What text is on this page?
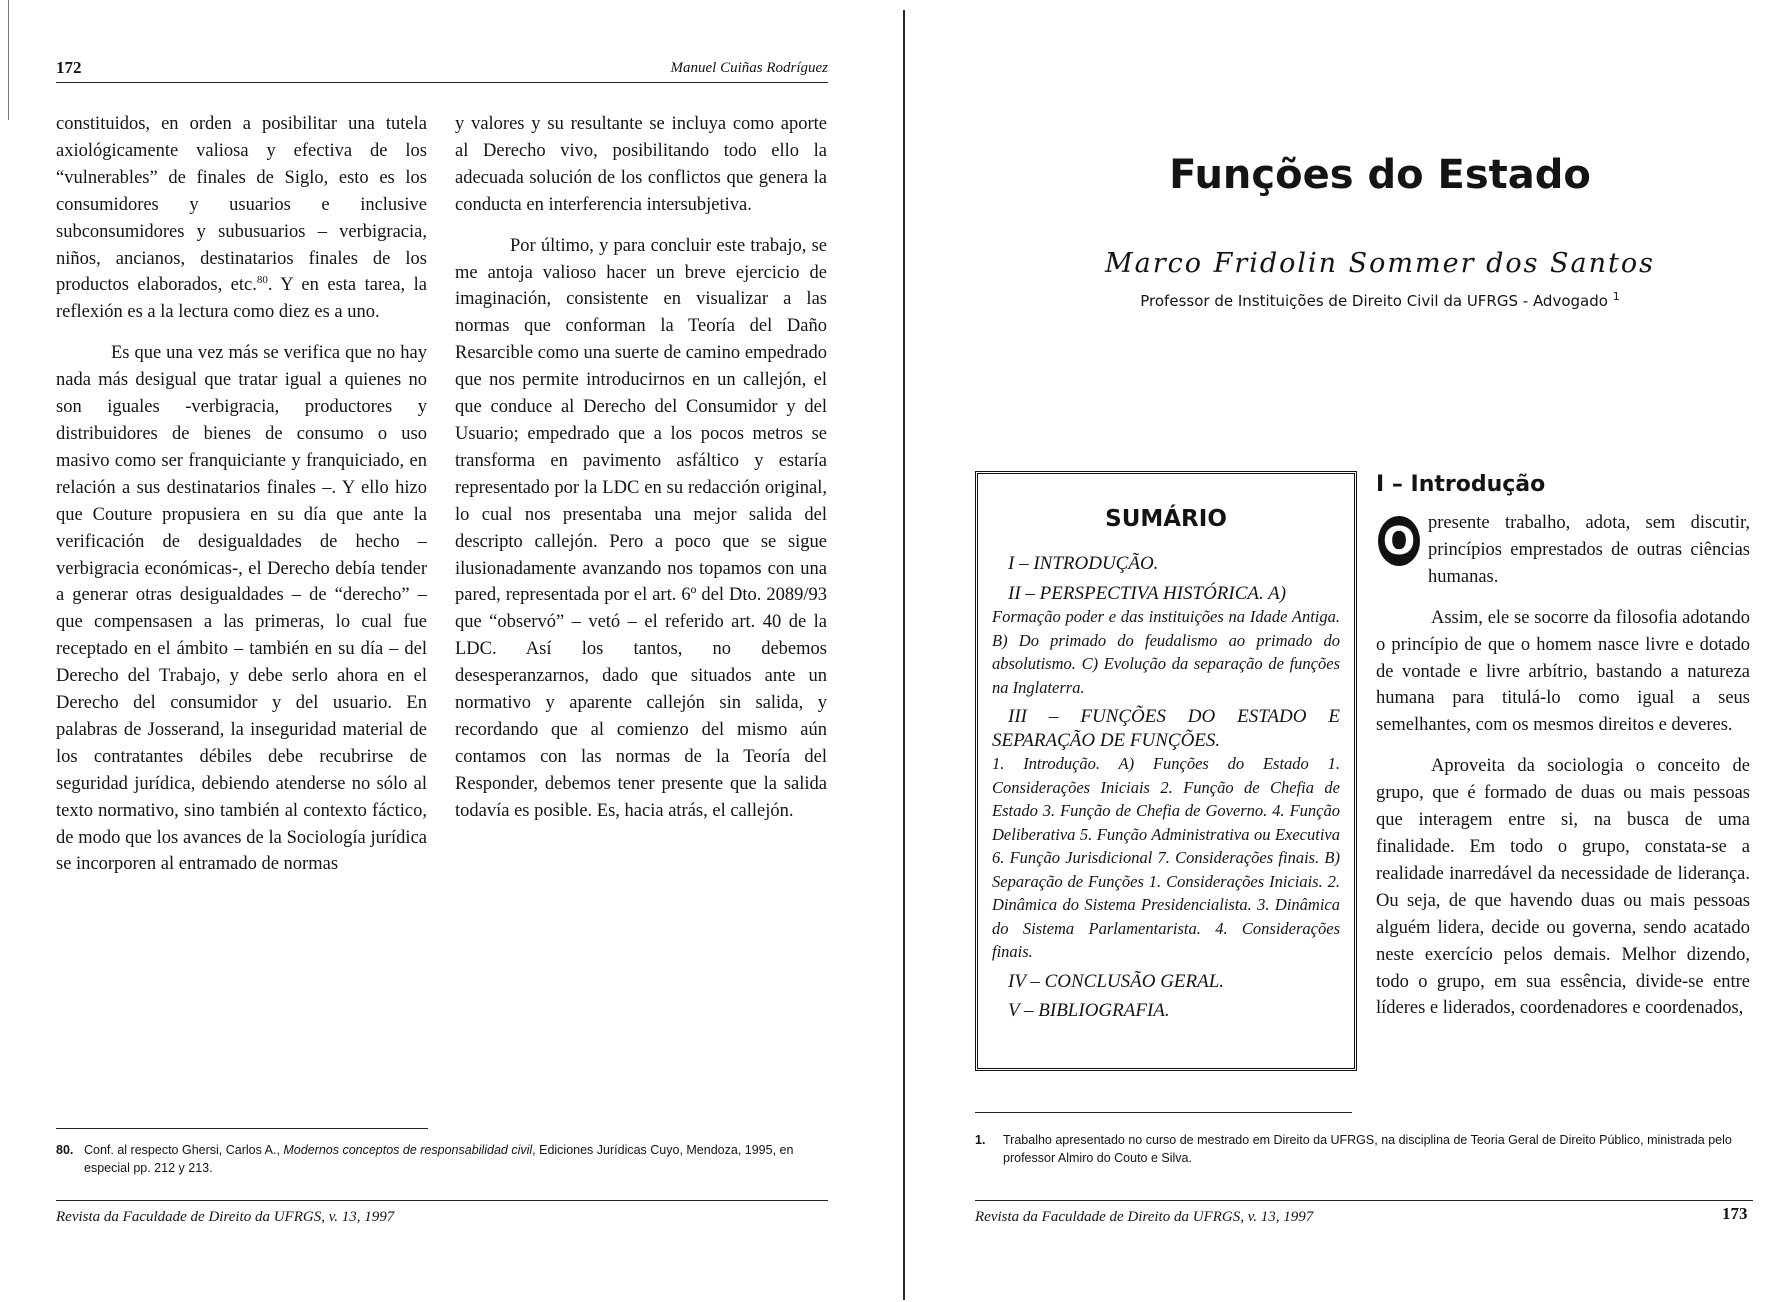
172	Manuel Cuiñas Rodríguez

constituidos, en orden a posibilitar una tutela axiológicamente valiosa y efectiva de los “vulnerables” de finales de Siglo, esto es los consumidores y usuarios e inclusive subconsumidores y subusuarios – verbigracia, niños, ancianos, destinatarios finales de los productos elaborados, etc.$^{80}$. Y en esta tarea, la reflexión es a la lectura como diez es a uno.

Es que una vez más se verifica que no hay nada más desigual que tratar igual a quienes no son iguales -verbigracia, productores y distribuidores de bienes de consumo o uso masivo como ser franquiciante y franquiciado, en relación a sus destinatarios finales –. Y ello hizo que Couture propusiera en su día que ante la verificación de desigualdades de hecho – verbigracia económicas-, el Derecho debía tender a generar otras desigualdades – de “derecho” – que compensasen a las primeras, lo cual fue receptado en el ámbito – también en su día – del Derecho del Trabajo, y debe serlo ahora en el Derecho del consumidor y del usuario. En palabras de Josserand, la inseguridad material de los contratantes débiles debe recubrirse de seguridad jurídica, debiendo atenderse no sólo al texto normativo, sino también al contexto fáctico, de modo que los avances de la Sociología jurídica se incorporen al entramado de normas

y valores y su resultante se incluya como aporte al Derecho vivo, posibilitando todo ello la adecuada solución de los conflictos que genera la conducta en interferencia intersubjetiva.

Por último, y para concluir este trabajo, se me antoja valioso hacer un breve ejercicio de imaginación, consistente en visualizar a las normas que conforman la Teoría del Daño Resarcible como una suerte de camino empedrado que nos permite introducirnos en un callejón, el que conduce al Derecho del Consumidor y del Usuario; empedrado que a los pocos metros se transforma en pavimento asfáltico y estaría representado por la LDC en su redacción original, lo cual nos presentaba una mejor salida del descripto callejón. Pero a poco que se sigue ilusionadamente avanzando nos topamos con una pared, representada por el art. 6º del Dto. 2089/93 que “observó” – vetó – el referido art. 40 de la LDC. Así los tantos, no debemos desesperanzarnos, dado que situados ante un normativo y aparente callejón sin salida, y recordando que al comienzo del mismo aún contamos con las normas de la Teoría del Responder, debemos tener presente que la salida todavía es posible. Es, hacia atrás, el callejón.

80. Conf. al respecto Ghersi, Carlos A., Modernos conceptos de responsabilidad civil, Ediciones Jurídicas Cuyo, Mendoza, 1995, en especial pp. 212 y 213.
Revista da Faculdade de Direito da UFRGS, v. 13, 1997
Funções do Estado
Marco Fridolin Sommer dos Santos
Professor de Instituições de Direito Civil da UFRGS - Advogado $^1$
SUMÁRIO

I – INTRODUÇÃO.

II – PERSPECTIVA HISTÓRICA. A)

Formação poder e das instituições na Idade Antiga. B) Do primado do feudalismo ao primado do absolutismo. C) Evolução da separação de funções na Inglaterra.

III – FUNÇÕES DO ESTADO E SEPARAÇÃO DE FUNÇÕES.

1. Introdução. A) Funções do Estado 1. Considerações Iniciais 2. Função de Chefia de Estado 3. Função de Chefia de Governo. 4. Função Deliberativa 5. Função Administrativa ou Executiva 6. Função Jurisdicional 7. Considerações finais. B) Separação de Funções 1. Considerações Iniciais. 2. Dinâmica do Sistema Presidencialista. 3. Dinâmica do Sistema Parlamentarista. 4. Considerações finais.

IV – CONCLUSÃO GERAL.

V – BIBLIOGRAFIA.

I – Introdução
O presente trabalho, adota, sem discutir, princípios emprestados de outras ciências humanas.

Assim, ele se socorre da filosofia adotando o princípio de que o homem nasce livre e dotado de vontade e livre arbítrio, bastando a natureza humana para titulá-lo como igual a seus semelhantes, com os mesmos direitos e deveres.

Aproveita da sociologia o conceito de grupo, que é formado de duas ou mais pessoas que interagem entre si, na busca de uma finalidade. Em todo o grupo, constata-se a realidade inarredável da necessidade de liderança. Ou seja, de que havendo duas ou mais pessoas alguém lidera, decide ou governa, sendo acatado neste exercício pelos demais. Melhor dizendo, todo o grupo, em sua essência, divide-se entre líderes e liderados, coordenadores e coordenados,

1. Trabalho apresentado no curso de mestrado em Direito da UFRGS, na disciplina de Teoria Geral de Direito Público, ministrada pelo professor Almiro do Couto e Silva.
Revista da Faculdade de Direito da UFRGS, v. 13, 1997	173
